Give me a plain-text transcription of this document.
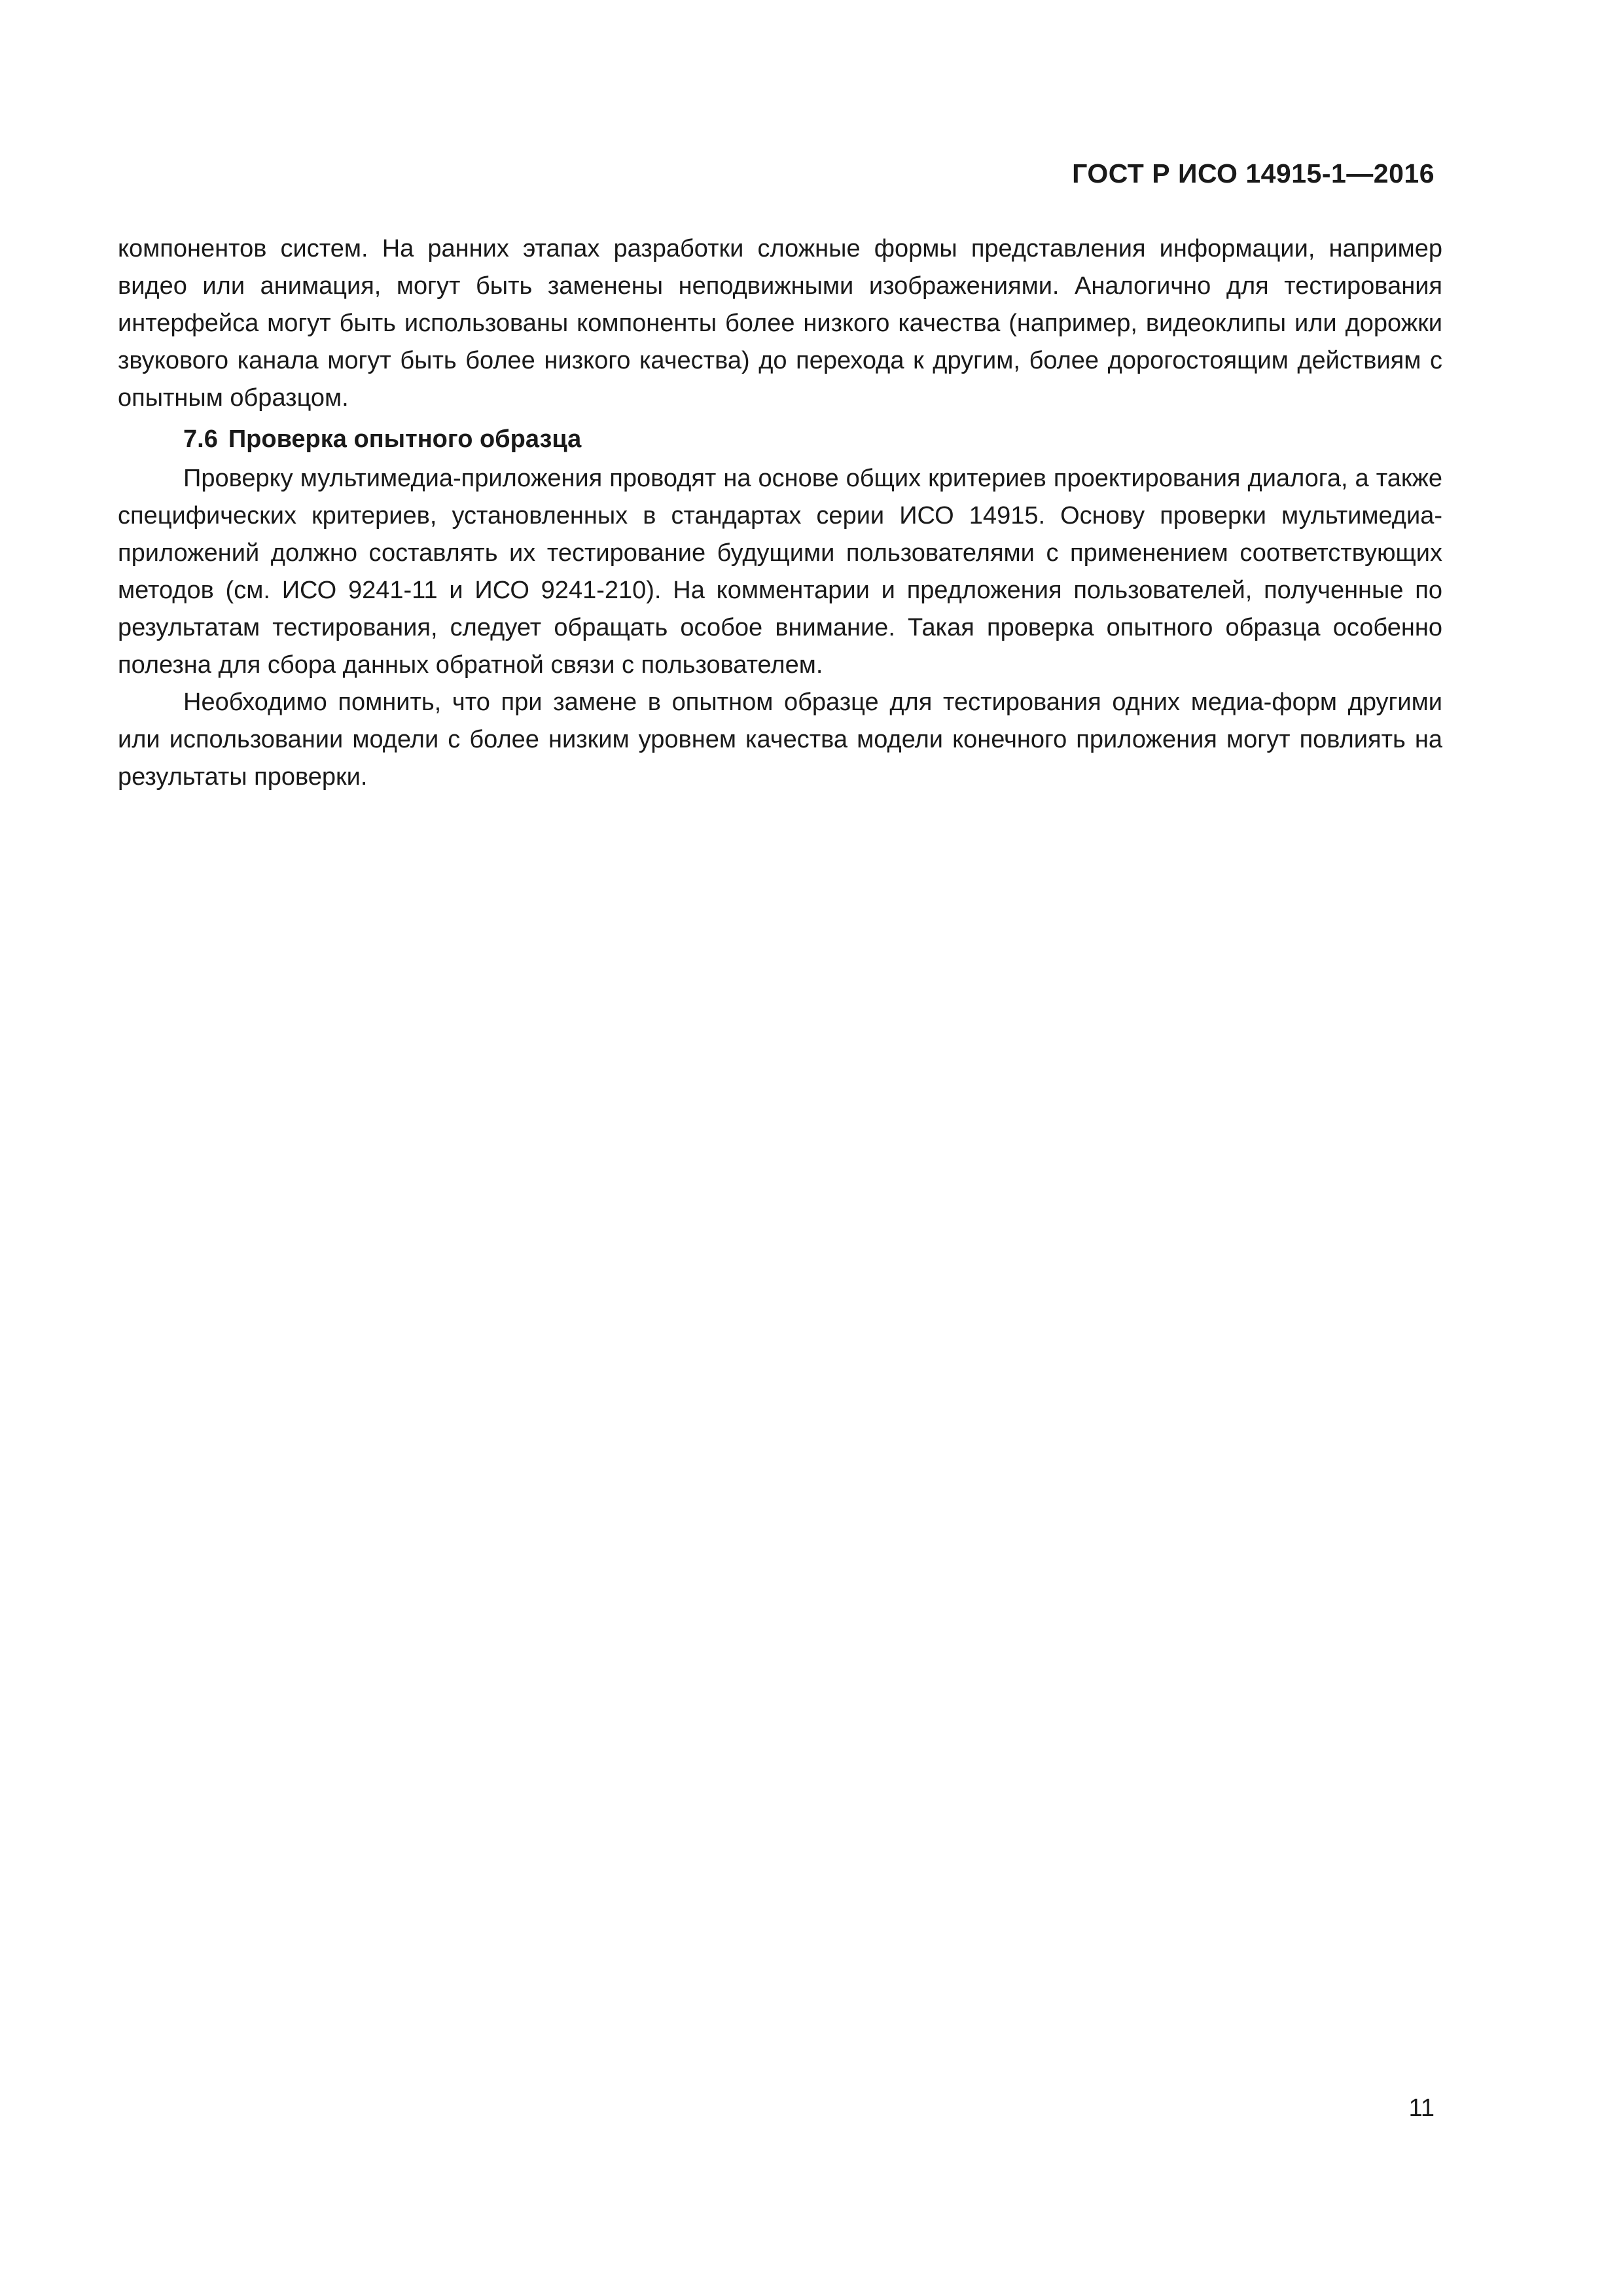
ГОСТ Р ИСО 14915-1—2016

компонентов систем. На ранних этапах разработки сложные формы представления информации, например видео или анимация, могут быть заменены неподвижными изображениями. Аналогично для тестирования интерфейса могут быть использованы компоненты более низкого качества (например, видеоклипы или дорожки звукового канала могут быть более низкого качества) до перехода к другим, более дорогостоящим действиям с опытным образцом.

7.6 Проверка опытного образца

Проверку мультимедиа-приложения проводят на основе общих критериев проектирования диалога, а также специфических критериев, установленных в стандартах серии ИСО 14915. Основу проверки мультимедиа-приложений должно составлять их тестирование будущими пользователями с применением соответствующих методов (см. ИСО 9241-11 и ИСО 9241-210). На комментарии и предложения пользователей, полученные по результатам тестирования, следует обращать особое внимание. Такая проверка опытного образца особенно полезна для сбора данных обратной связи с пользователем.

Необходимо помнить, что при замене в опытном образце для тестирования одних медиа-форм другими или использовании модели с более низким уровнем качества модели конечного приложения могут повлиять на результаты проверки.

11
